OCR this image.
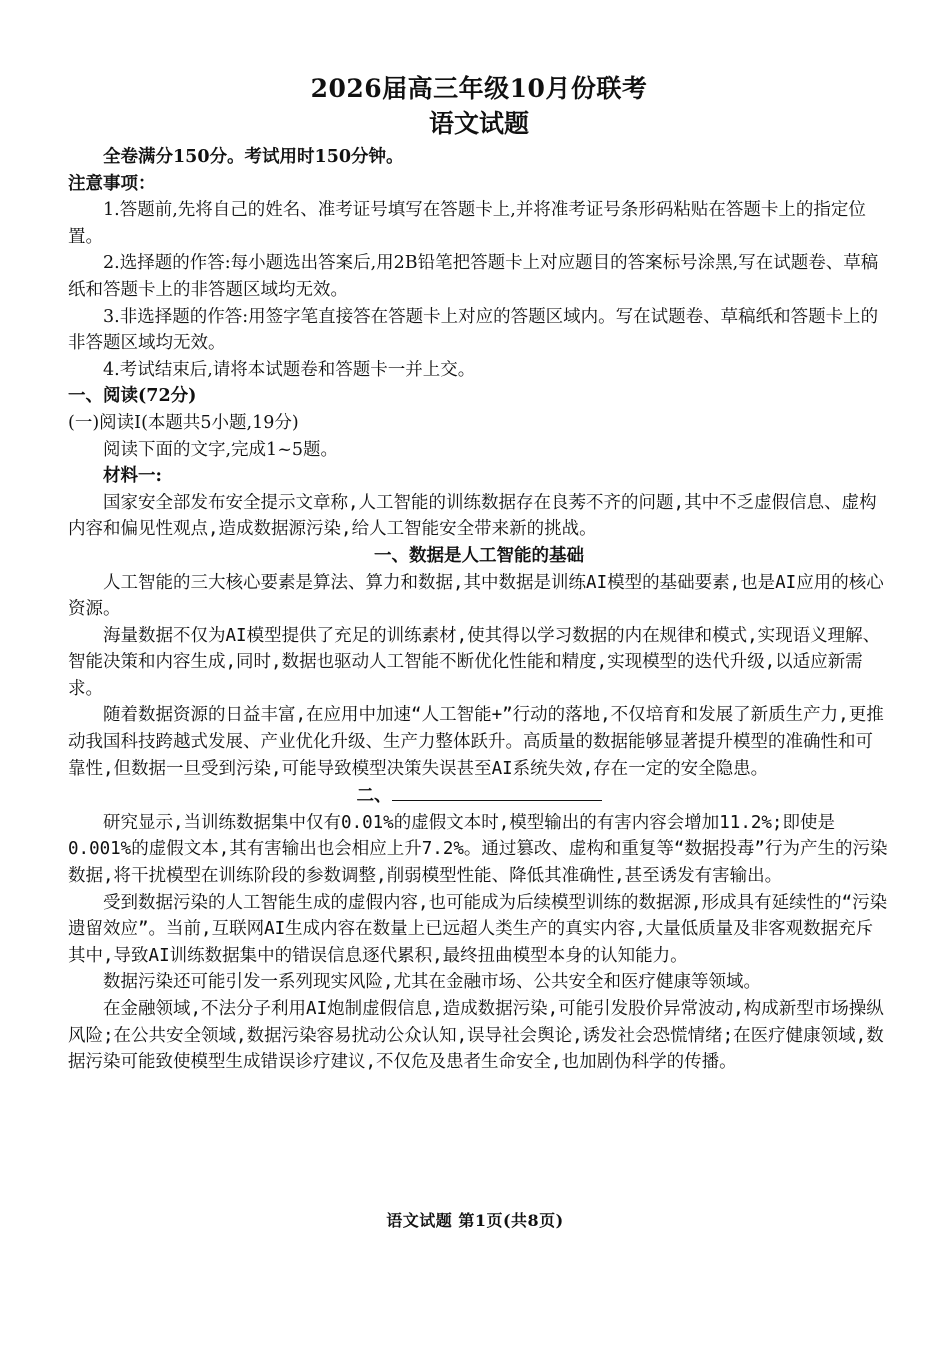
2026届高三年级10月份联考
语文试题

全卷满分150分。考试用时150分钟。

注意事项：

1.答题前,先将自己的姓名、准考证号填写在答题卡上,并将准考证号条形码粘贴在答题卡上的指定位置。

2.选择题的作答:每小题选出答案后,用2B铅笔把答题卡上对应题目的答案标号涂黑,写在试题卷、草稿纸和答题卡上的非答题区域均无效。

3.非选择题的作答:用签字笔直接答在答题卡上对应的答题区域内。写在试题卷、草稿纸和答题卡上的非答题区域均无效。

4.考试结束后,请将本试题卷和答题卡一并上交。

一、阅读(72分)

(一)阅读Ⅰ(本题共5小题,19分)

阅读下面的文字,完成1~5题。

材料一:

国家安全部发布安全提示文章称,人工智能的训练数据存在良莠不齐的问题,其中不乏虚假信息、虚构内容和偏见性观点,造成数据源污染,给人工智能安全带来新的挑战。

一、数据是人工智能的基础

人工智能的三大核心要素是算法、算力和数据,其中数据是训练AI模型的基础要素,也是AI应用的核心资源。

海量数据不仅为AI模型提供了充足的训练素材,使其得以学习数据的内在规律和模式,实现语义理解、智能决策和内容生成,同时,数据也驱动人工智能不断优化性能和精度,实现模型的迭代升级,以适应新需求。

随着数据资源的日益丰富,在应用中加速“人工智能+”行动的落地,不仅培育和发展了新质生产力,更推动我国科技跨越式发展、产业优化升级、生产力整体跃升。高质量的数据能够显著提升模型的准确性和可靠性,但数据一旦受到污染,可能导致模型决策失误甚至AI系统失效,存在一定的安全隐患。

二、

研究显示,当训练数据集中仅有0.01%的虚假文本时,模型输出的有害内容会增加11.2%;即使是0.001%的虚假文本,其有害输出也会相应上升7.2%。通过篡改、虚构和重复等“数据投毒”行为产生的污染数据,将干扰模型在训练阶段的参数调整,削弱模型性能、降低其准确性,甚至诱发有害输出。

受到数据污染的人工智能生成的虚假内容,也可能成为后续模型训练的数据源,形成具有延续性的“污染遗留效应”。当前,互联网AI生成内容在数量上已远超人类生产的真实内容,大量低质量及非客观数据充斥其中,导致AI训练数据集中的错误信息逐代累积,最终扭曲模型本身的认知能力。

数据污染还可能引发一系列现实风险,尤其在金融市场、公共安全和医疗健康等领域。

在金融领域,不法分子利用AI炮制虚假信息,造成数据污染,可能引发股价异常波动,构成新型市场操纵风险;在公共安全领域,数据污染容易扰动公众认知,误导社会舆论,诱发社会恐慌情绪;在医疗健康领域,数据污染可能致使模型生成错误诊疗建议,不仅危及患者生命安全,也加剧伪科学的传播。

语文试题 第1页(共8页)
